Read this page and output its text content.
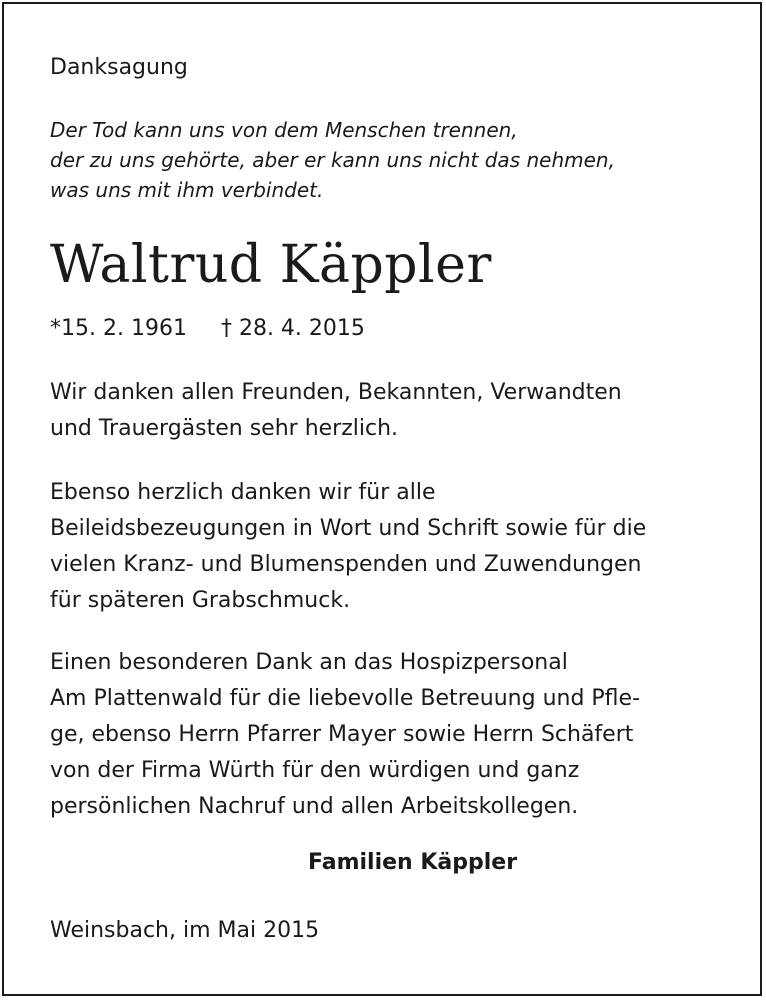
Danksagung
Der Tod kann uns von dem Menschen trennen,
der zu uns gehörte, aber er kann uns nicht das nehmen,
was uns mit ihm verbindet.
Waltrud Käppler
*15. 2. 1961 † 28. 4. 2015
Wir danken allen Freunden, Bekannten, Verwandten
und Trauergästen sehr herzlich.
Ebenso herzlich danken wir für alle
Beileidsbezeugungen in Wort und Schrift sowie für die
vielen Kranz- und Blumenspenden und Zuwendungen
für späteren Grabschmuck.
Einen besonderen Dank an das Hospizpersonal
Am Plattenwald für die liebevolle Betreuung und Pfle-
ge, ebenso Herrn Pfarrer Mayer sowie Herrn Schäfert
von der Firma Würth für den würdigen und ganz
persönlichen Nachruf und allen Arbeitskollegen.
Familien Käppler
Weinsbach, im Mai 2015
